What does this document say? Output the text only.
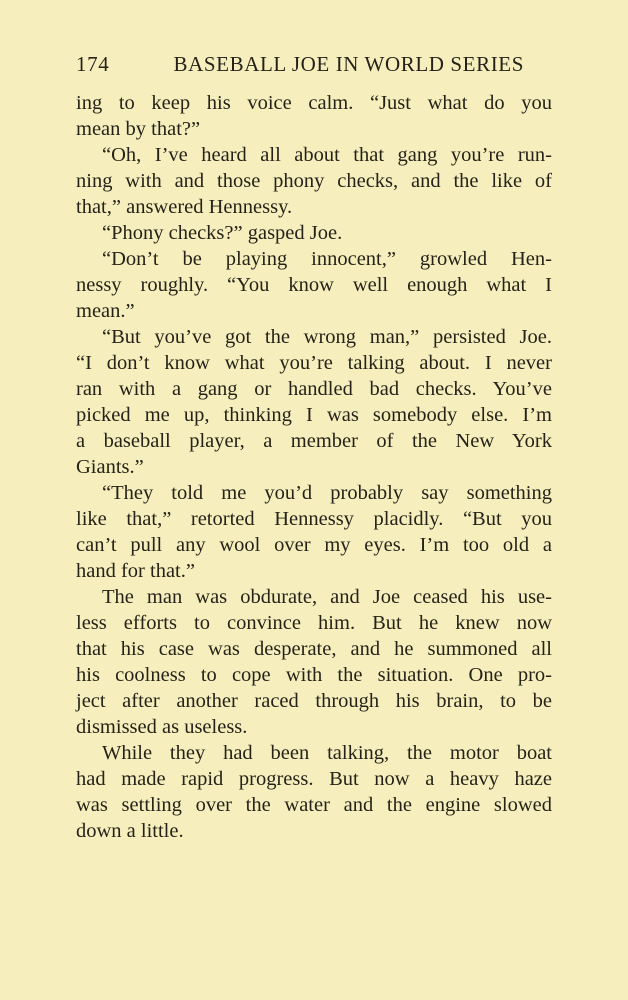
174	BASEBALL JOE IN WORLD SERIES
ing to keep his voice calm. “Just what do you
mean by that?”
“Oh, I’ve heard all about that gang you’re run-
ning with and those phony checks, and the like of
that,” answered Hennessy.
“Phony checks?” gasped Joe.
“Don’t be playing innocent,” growled Hen-
nessy roughly. “You know well enough what I
mean.”
“But you’ve got the wrong man,” persisted Joe.
“I don’t know what you’re talking about. I never
ran with a gang or handled bad checks. You’ve
picked me up, thinking I was somebody else. I’m
a baseball player, a member of the New York
Giants.”
“They told me you’d probably say something
like that,” retorted Hennessy placidly. “But you
can’t pull any wool over my eyes. I’m too old a
hand for that.”
The man was obdurate, and Joe ceased his use-
less efforts to convince him. But he knew now
that his case was desperate, and he summoned all
his coolness to cope with the situation. One pro-
ject after another raced through his brain, to be
dismissed as useless.
While they had been talking, the motor boat
had made rapid progress. But now a heavy haze
was settling over the water and the engine slowed
down a little.
